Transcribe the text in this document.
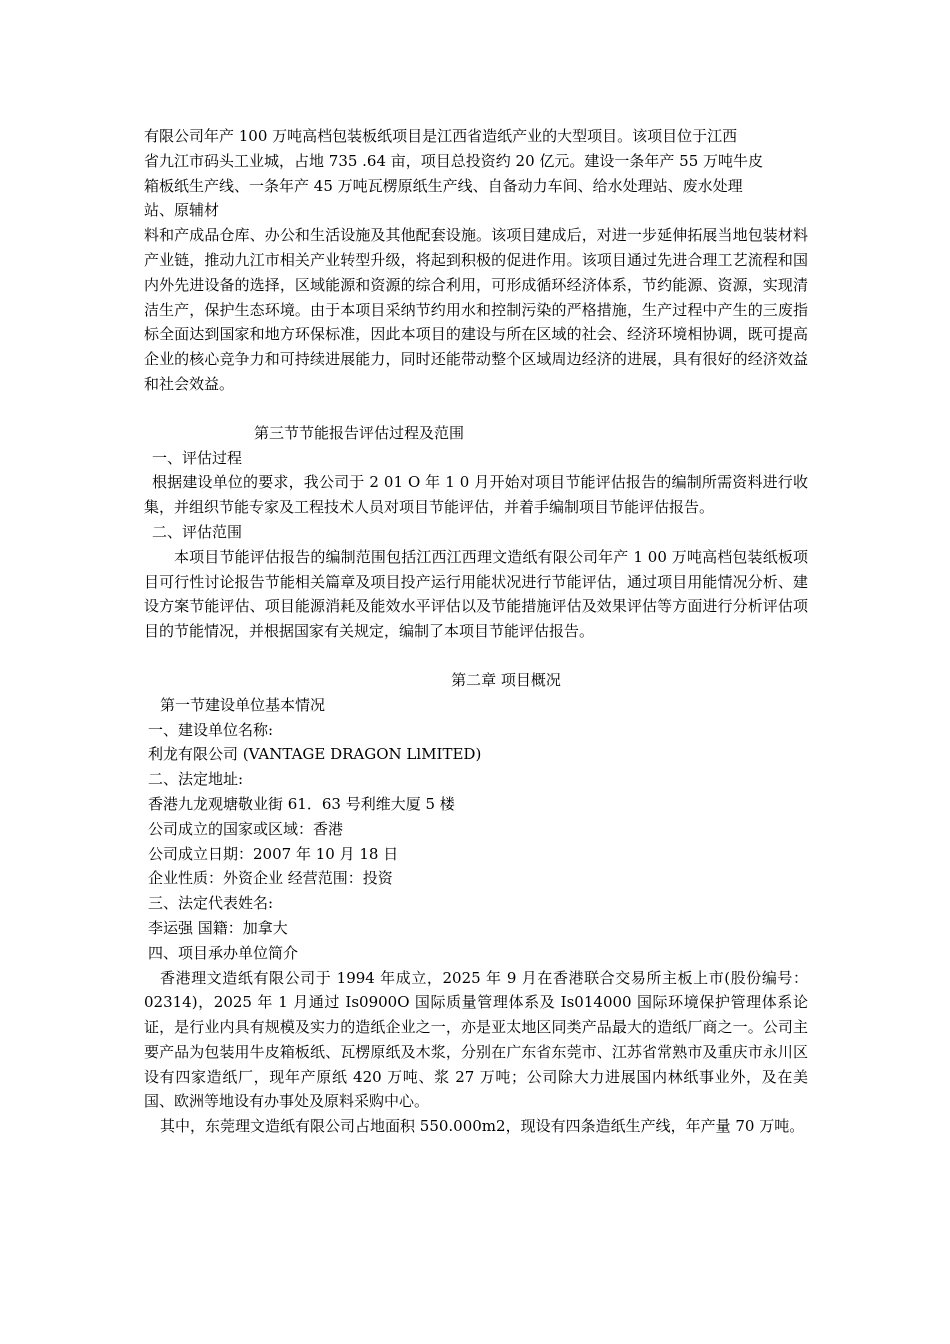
有限公司年产 100 万吨高档包装板纸项目是江西省造纸产业的大型项目。该项目位于江西
省九江市码头工业城，占地 735 .64 亩，项目总投资约 20 亿元。建设一条年产 55 万吨牛皮
箱板纸生产线、一条年产 45 万吨瓦楞原纸生产线、自备动力车间、给水处理站、废水处理
站、原辅材

料和产成品仓库、办公和生活设施及其他配套设施。该项目建成后，对进一步延伸拓展当地包装材料产业链，推动九江市相关产业转型升级，将起到积极的促进作用。该项目通过先进合理工艺流程和国内外先进设备的选择，区域能源和资源的综合利用，可形成循环经济体系，节约能源、资源，实现清洁生产，保护生态环境。由于本项目采纳节约用水和控制污染的严格措施，生产过程中产生的三废指标全面达到国家和地方环保标准，因此本项目的建设与所在区域的社会、经济环境相协调，既可提高企业的核心竞争力和可持续进展能力，同时还能带动整个区域周边经济的进展，具有很好的经济效益和社会效益。

第三节节能报告评估过程及范围
一、评估过程

根据建设单位的要求，我公司于 2 01 O 年 1 0 月开始对项目节能评估报告的编制所需资料进行收集，并组织节能专家及工程技术人员对项目节能评估，并着手编制项目节能评估报告。

二、评估范围

本项目节能评估报告的编制范围包括江西江西理文造纸有限公司年产 1 00 万吨高档包装纸板项目可行性讨论报告节能相关篇章及项目投产运行用能状况进行节能评估，通过项目用能情况分析、建设方案节能评估、项目能源消耗及能效水平评估以及节能措施评估及效果评估等方面进行分析评估项目的节能情况，并根据国家有关规定，编制了本项目节能评估报告。

第二章 项目概况
第一节建设单位基本情况
一、建设单位名称:
利龙有限公司 (VANTAGE DRAGON LlMITED)
二、法定地址:
香港九龙观塘敬业街 61．63 号利维大厦 5 楼
公司成立的国家或区域：香港
公司成立日期：2007 年 10 月 18 日
企业性质：外资企业 经营范围：投资
三、法定代表姓名:
李运强 国籍：加拿大
四、项目承办单位简介

香港理文造纸有限公司于 1994 年成立，2025 年 9 月在香港联合交易所主板上市(股份编号：02314)，2025 年 1 月通过 Is0900O 国际质量管理体系及 Is014000 国际环境保护管理体系论证，是行业内具有规模及实力的造纸企业之一，亦是亚太地区同类产品最大的造纸厂商之一。公司主要产品为包装用牛皮箱板纸、瓦楞原纸及木浆，分别在广东省东莞市、江苏省常熟市及重庆市永川区设有四家造纸厂，现年产原纸 420 万吨、浆 27 万吨；公司除大力进展国内林纸事业外，及在美国、欧洲等地设有办事处及原料采购中心。

其中，东莞理文造纸有限公司占地面积 550.000m2，现设有四条造纸生产线，年产量 70 万吨。
